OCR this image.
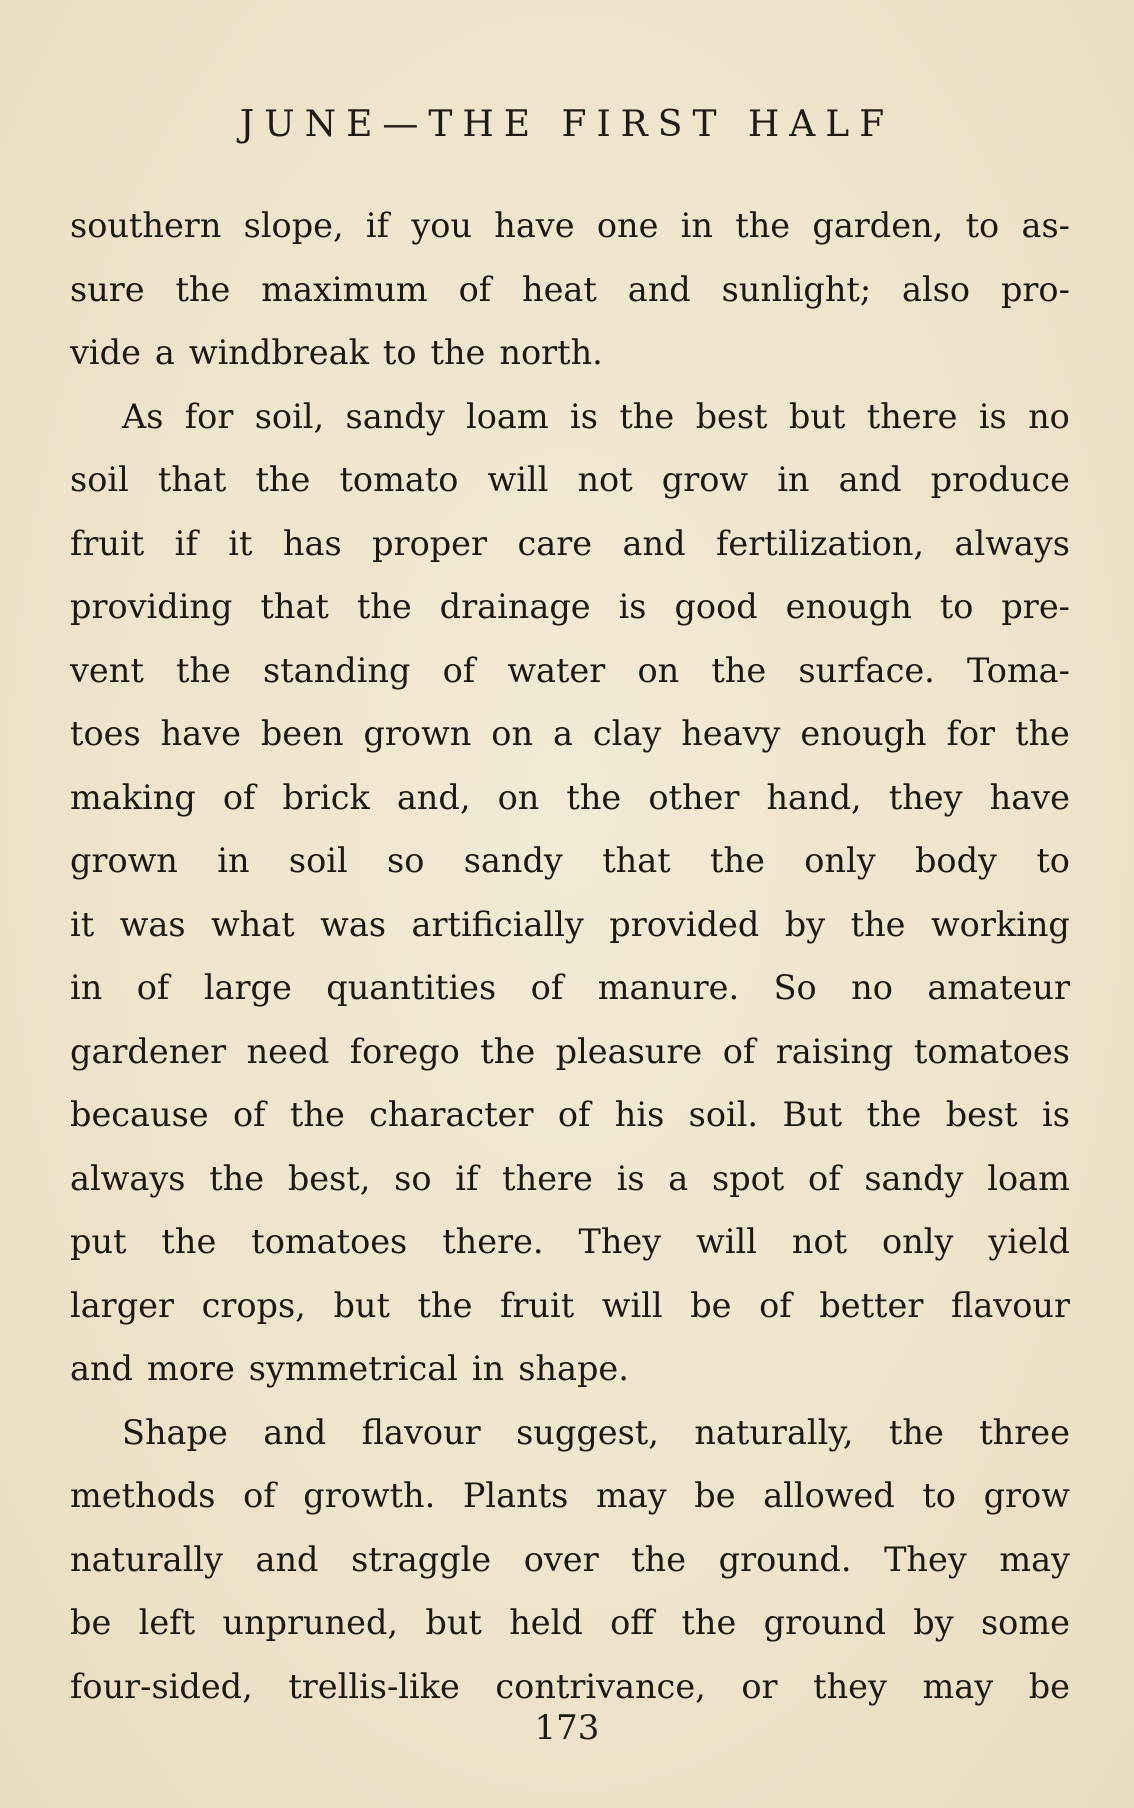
JUNE—THE FIRST HALF
southern slope, if you have one in the garden, to as-
sure the maximum of heat and sunlight; also pro-
vide a windbreak to the north.
As for soil, sandy loam is the best but there is no
soil that the tomato will not grow in and produce
fruit if it has proper care and fertilization, always
providing that the drainage is good enough to pre-
vent the standing of water on the surface. Toma-
toes have been grown on a clay heavy enough for the
making of brick and, on the other hand, they have
grown in soil so sandy that the only body to
it was what was artificially provided by the working
in of large quantities of manure. So no amateur
gardener need forego the pleasure of raising tomatoes
because of the character of his soil. But the best is
always the best, so if there is a spot of sandy loam
put the tomatoes there. They will not only yield
larger crops, but the fruit will be of better flavour
and more symmetrical in shape.
Shape and flavour suggest, naturally, the three
methods of growth. Plants may be allowed to grow
naturally and straggle over the ground. They may
be left unpruned, but held off the ground by some
four-sided, trellis-like contrivance, or they may be
173
